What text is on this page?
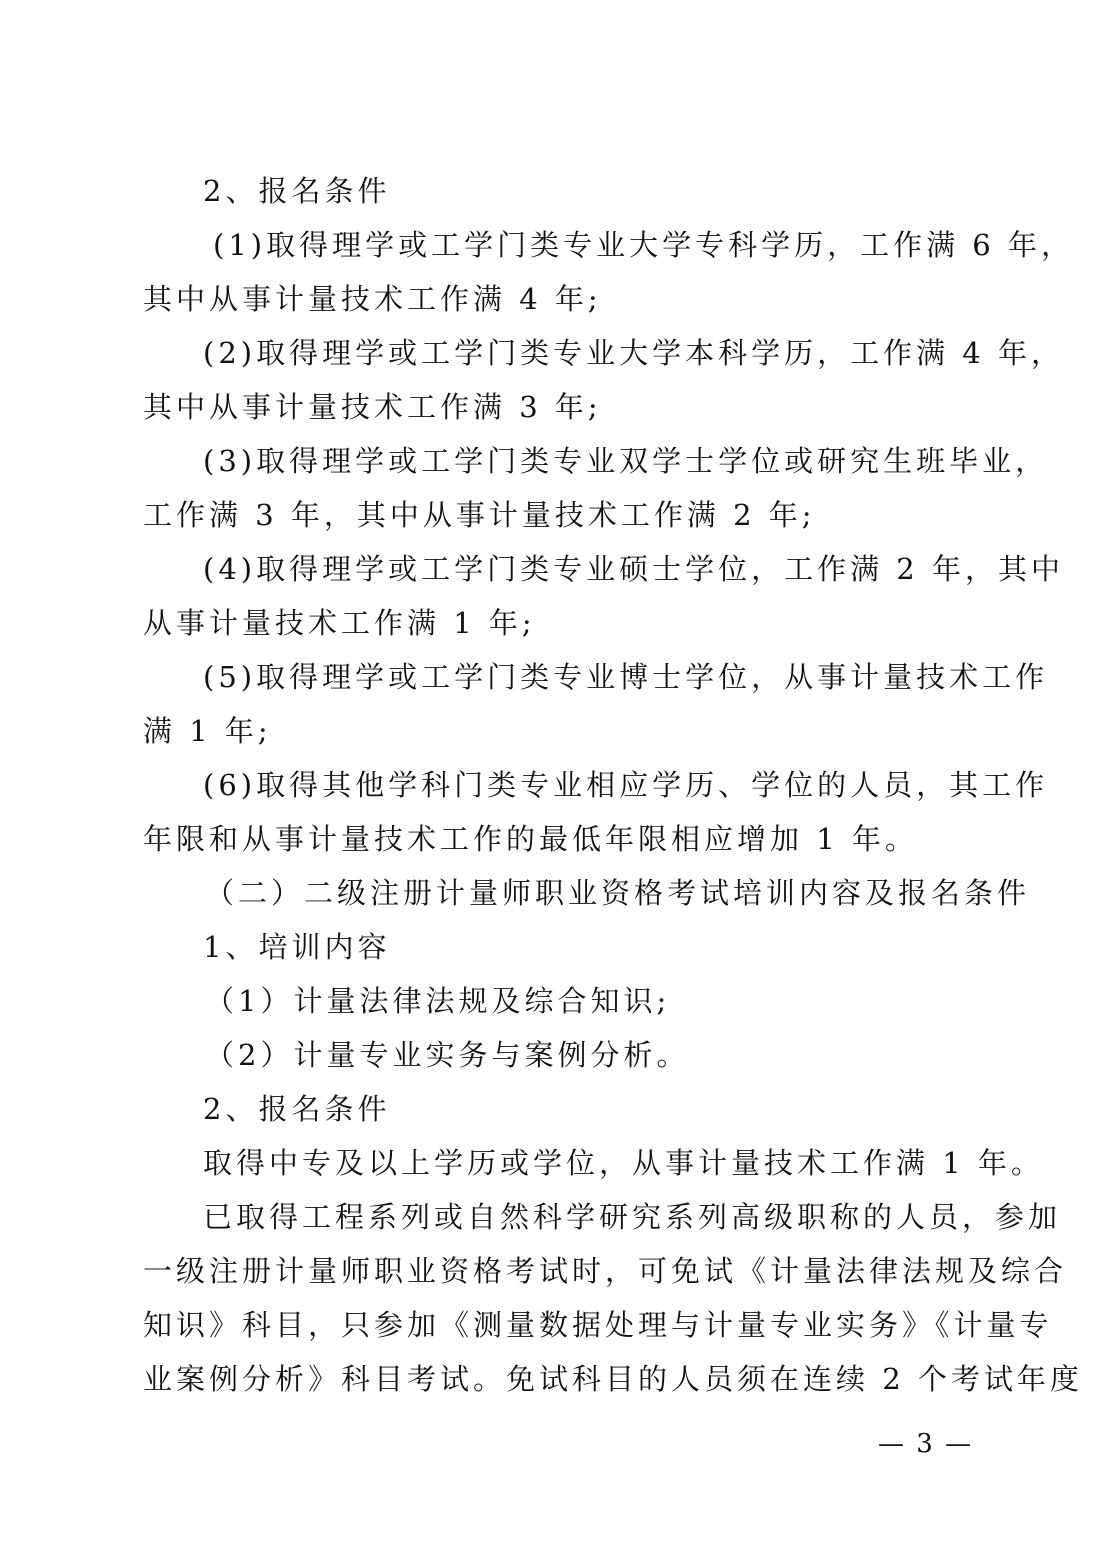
2、报名条件
(1)取得理学或工学门类专业大学专科学历，工作满 6 年，
其中从事计量技术工作满 4 年;
(2)取得理学或工学门类专业大学本科学历，工作满 4 年，
其中从事计量技术工作满 3 年;
(3)取得理学或工学门类专业双学士学位或研究生班毕业，
工作满 3 年，其中从事计量技术工作满 2 年;
(4)取得理学或工学门类专业硕士学位，工作满 2 年，其中
从事计量技术工作满 1 年;
(5)取得理学或工学门类专业博士学位，从事计量技术工作
满 1 年;
(6)取得其他学科门类专业相应学历、学位的人员，其工作
年限和从事计量技术工作的最低年限相应增加 1 年。
（二）二级注册计量师职业资格考试培训内容及报名条件
1、培训内容
（1）计量法律法规及综合知识;
（2）计量专业实务与案例分析。
2、报名条件
取得中专及以上学历或学位，从事计量技术工作满 1 年。
已取得工程系列或自然科学研究系列高级职称的人员，参加
一级注册计量师职业资格考试时，可免试《计量法律法规及综合
知识》科目，只参加《测量数据处理与计量专业实务》《计量专
业案例分析》科目考试。免试科目的人员须在连续 2 个考试年度
— 3 —
